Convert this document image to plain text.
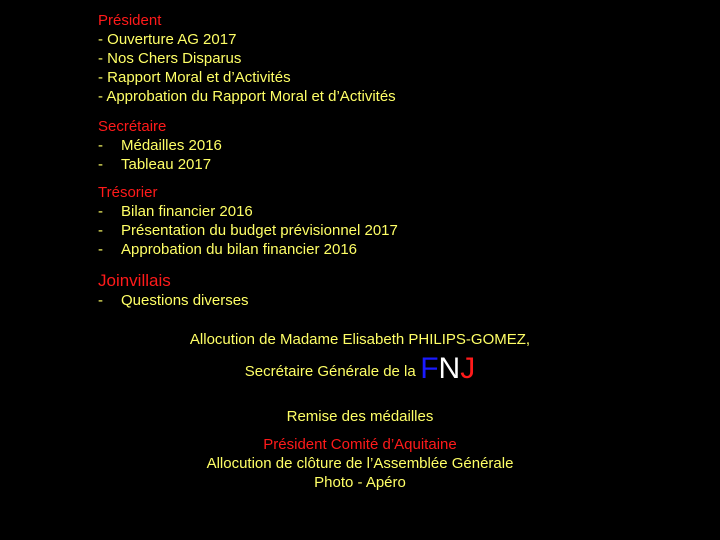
Président
- Ouverture AG 2017
- Nos Chers Disparus
- Rapport Moral et d’Activités
- Approbation du Rapport Moral et d’Activités
Secrétaire
-	Médailles 2016
-	Tableau 2017
Trésorier
-	Bilan financier 2016
-	Présentation du budget prévisionnel 2017
-	Approbation du bilan financier 2016
Joinvillais
-	Questions diverses
Allocution de Madame Elisabeth PHILIPS-GOMEZ,
Secrétaire Générale de la FNJ
Remise des médailles
Président Comité d’Aquitaine
Allocution de clôture de l’Assemblée Générale
Photo - Apéro
